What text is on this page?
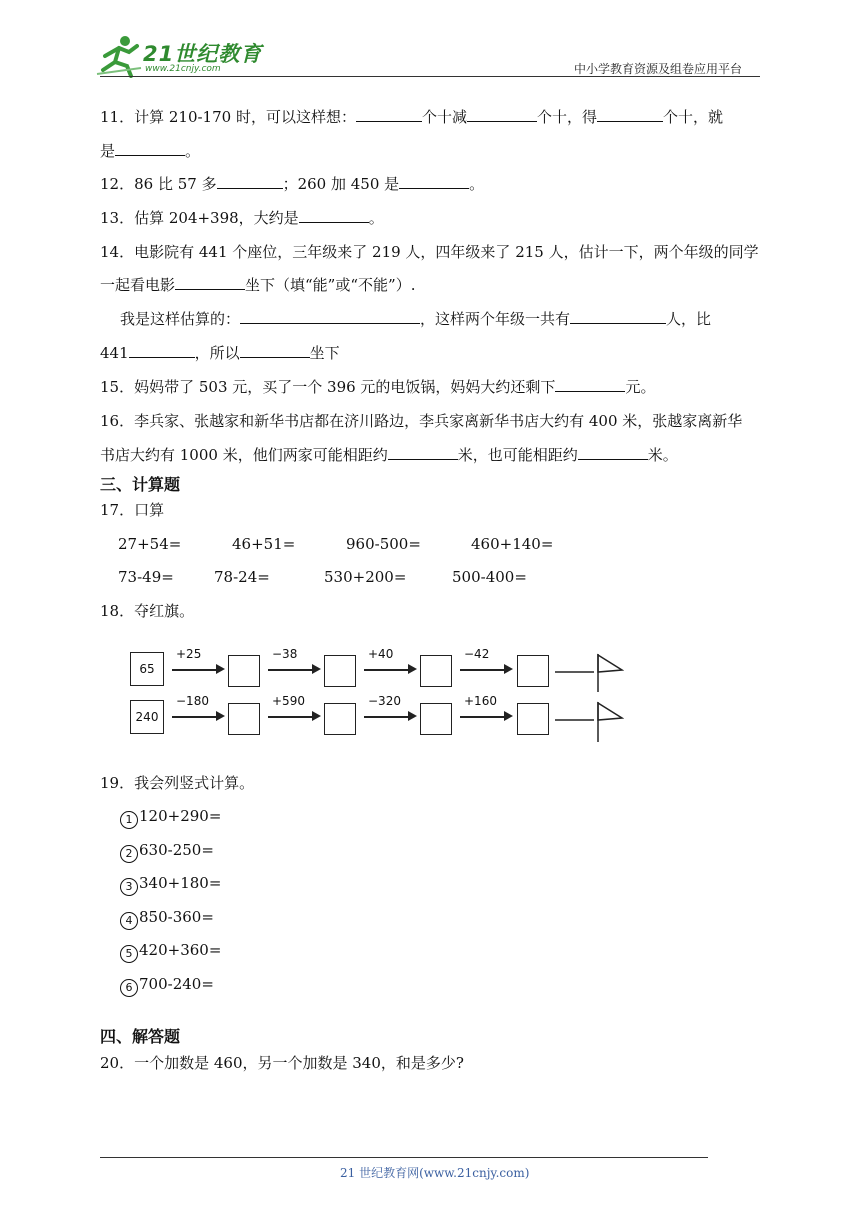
21世纪教育
www.21cnjy.com	中小学教育资源及组卷应用平台
11．计算 210-170 时，可以这样想：	个十减	个十，得	个十，就
是	。
12．86 比 57 多	；260 加 450 是	。
13．估算 204+398，大约是	。
14．电影院有 441 个座位，三年级来了 219 人，四年级来了 215 人，估计一下，两个年级的同学
一起看电影	坐下（填“能”或“不能”）.
我是这样估算的：	，这样两个年级一共有	人，比
441	，所以	坐下
15．妈妈带了 503 元，买了一个 396 元的电饭锅，妈妈大约还剩下	元。
16．李兵家、张越家和新华书店都在济川路边，李兵家离新华书店大约有 400 米，张越家离新华
书店大约有 1000 米，他们两家可能相距约	米，也可能相距约	米。
三、计算题
17．口算
27+54=	46+51=	960-500=	460+140=
73-49=	78-24=	530+200=	500-400=
18．夺红旗。
65
+25	−38	+40	−42
240
−180	+590	−320	+160
19．我会列竖式计算。
1 120+290=
2 630-250=
3 340+180=
4 850-360=
5 420+360=
6 700-240=
四、解答题
20．一个加数是 460，另一个加数是 340，和是多少?
21 世纪教育网(www.21cnjy.com)
